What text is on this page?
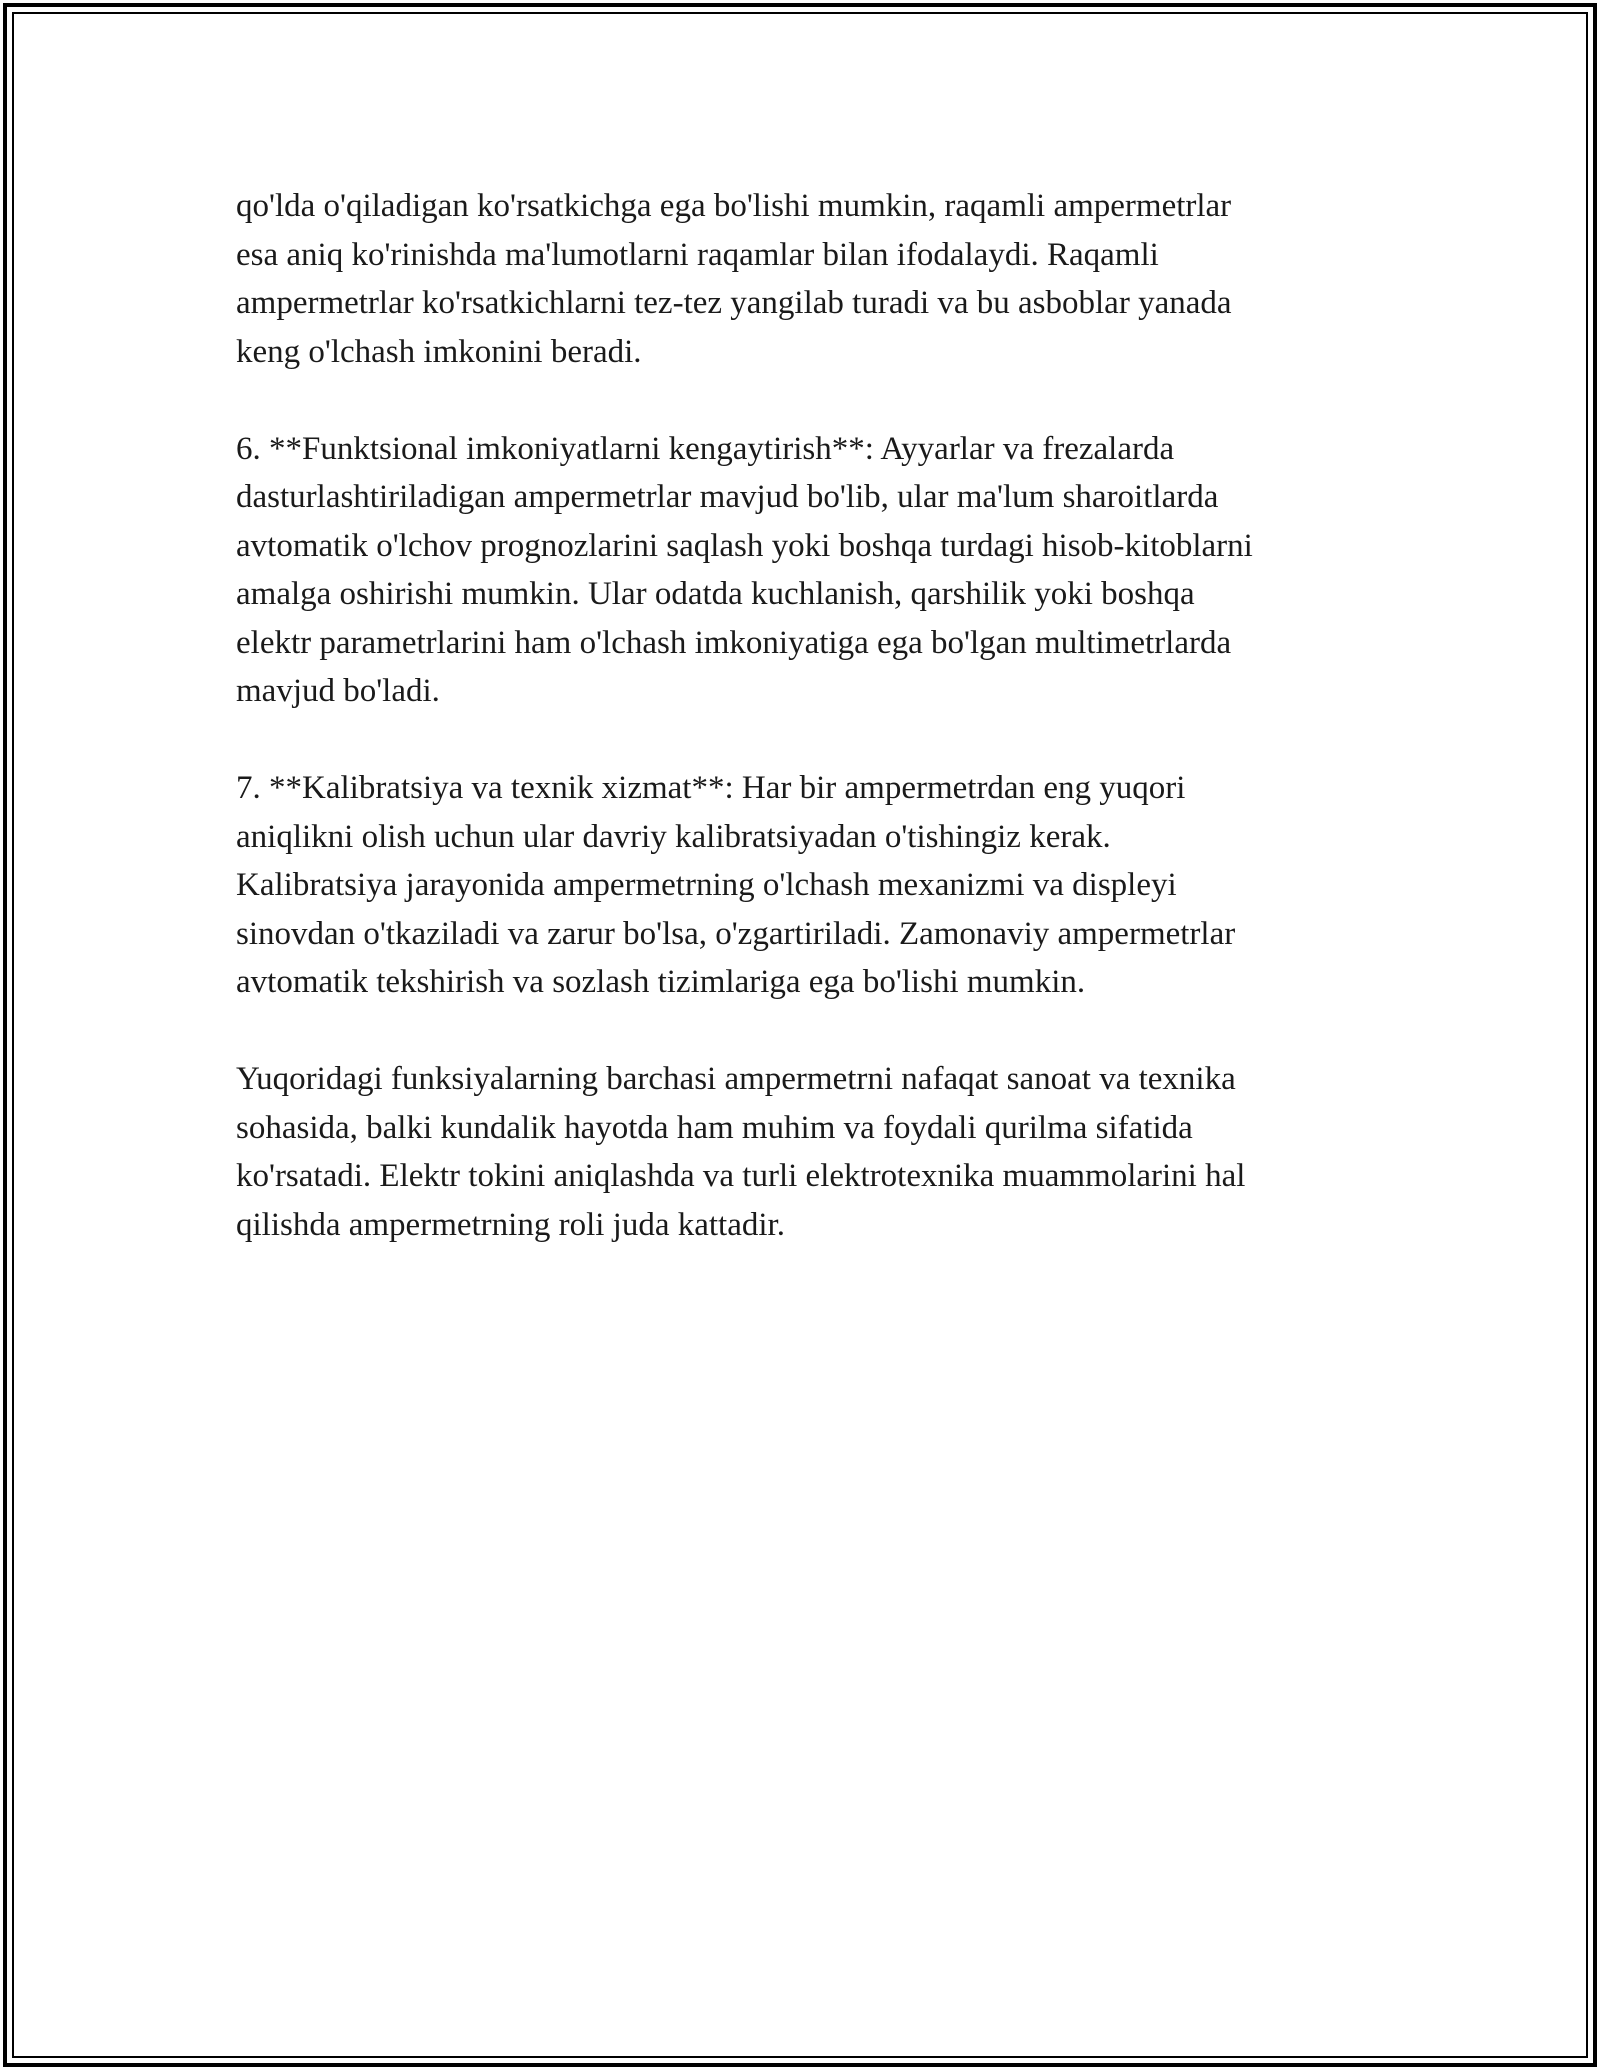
qo'lda o'qiladigan ko'rsatkichga ega bo'lishi mumkin, raqamli ampermetrlar
esa aniq ko'rinishda ma'lumotlarni raqamlar bilan ifodalaydi. Raqamli
ampermetrlar ko'rsatkichlarni tez-tez yangilab turadi va bu asboblar yanada
keng o'lchash imkonini beradi.

6. **Funktsional imkoniyatlarni kengaytirish**: Ayyarlar va frezalarda
dasturlashtiriladigan ampermetrlar mavjud bo'lib, ular ma'lum sharoitlarda
avtomatik o'lchov prognozlarini saqlash yoki boshqa turdagi hisob-kitoblarni
amalga oshirishi mumkin. Ular odatda kuchlanish, qarshilik yoki boshqa
elektr parametrlarini ham o'lchash imkoniyatiga ega bo'lgan multimetrlarda
mavjud bo'ladi.

7. **Kalibratsiya va texnik xizmat**: Har bir ampermetrdan eng yuqori
aniqlikni olish uchun ular davriy kalibratsiyadan o'tishingiz kerak.
Kalibratsiya jarayonida ampermetrning o'lchash mexanizmi va displeyi
sinovdan o'tkaziladi va zarur bo'lsa, o'zgartiriladi. Zamonaviy ampermetrlar
avtomatik tekshirish va sozlash tizimlariga ega bo'lishi mumkin.

Yuqoridagi funksiyalarning barchasi ampermetrni nafaqat sanoat va texnika
sohasida, balki kundalik hayotda ham muhim va foydali qurilma sifatida
ko'rsatadi. Elektr tokini aniqlashda va turli elektrotexnika muammolarini hal
qilishda ampermetrning roli juda kattadir.
